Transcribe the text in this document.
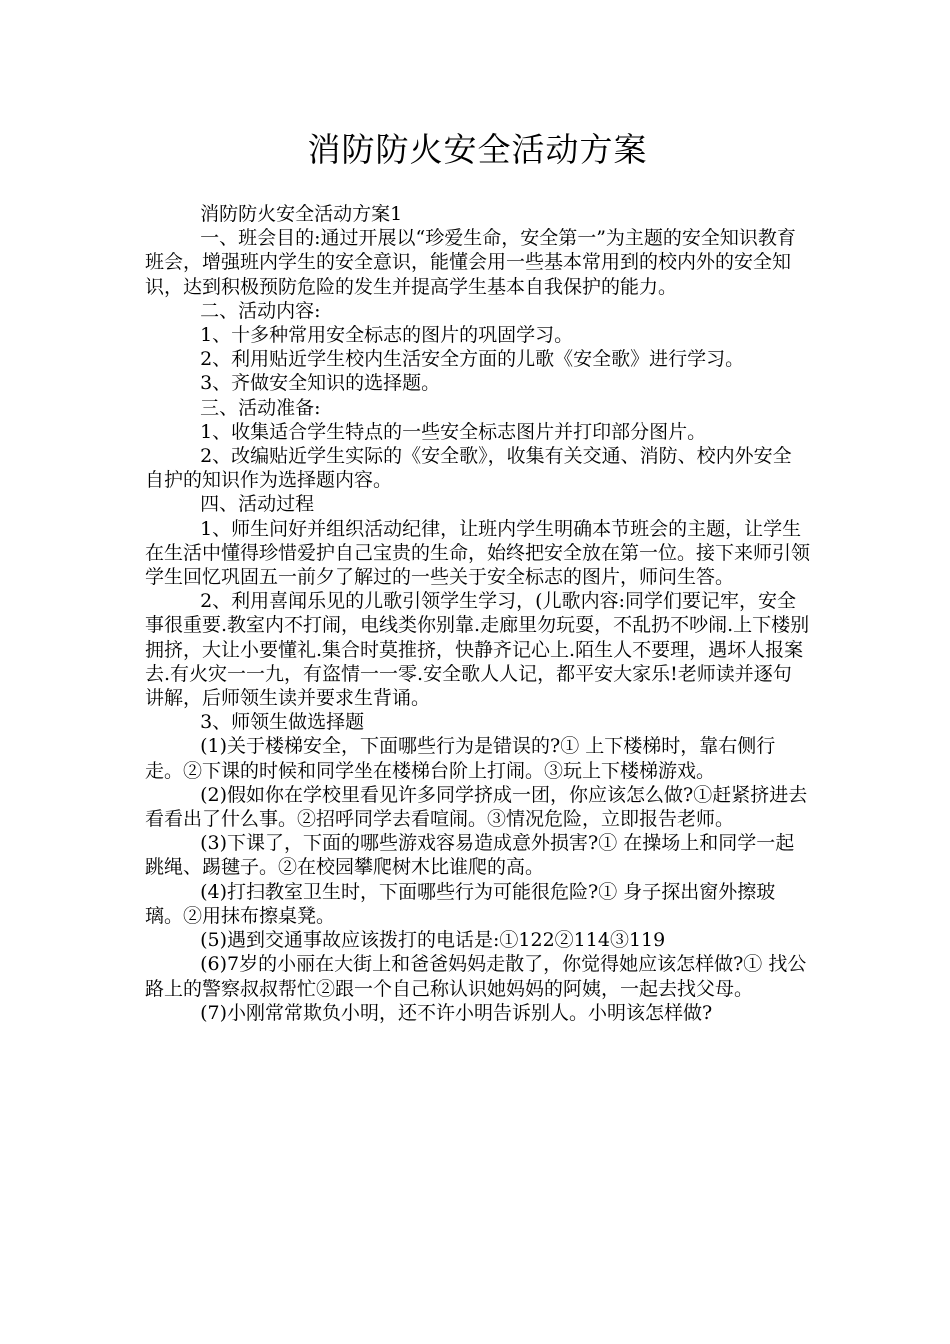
消防防火安全活动方案

消防防火安全活动方案1

一、班会目的:通过开展以“珍爱生命，安全第一”为主题的安全知识教育班会，增强班内学生的安全意识，能懂会用一些基本常用到的校内外的安全知识，达到积极预防危险的发生并提高学生基本自我保护的能力。

二、活动内容:

1、十多种常用安全标志的图片的巩固学习。

2、利用贴近学生校内生活安全方面的儿歌《安全歌》进行学习。

3、齐做安全知识的选择题。

三、活动准备:

1、收集适合学生特点的一些安全标志图片并打印部分图片。

2、改编贴近学生实际的《安全歌》，收集有关交通、消防、校内外安全自护的知识作为选择题内容。

四、活动过程

1、师生问好并组织活动纪律，让班内学生明确本节班会的主题，让学生在生活中懂得珍惜爱护自己宝贵的生命，始终把安全放在第一位。接下来师引领学生回忆巩固五一前夕了解过的一些关于安全标志的图片，师问生答。

2、利用喜闻乐见的儿歌引领学生学习，(儿歌内容:同学们要记牢，安全事很重要.教室内不打闹，电线类你别靠.走廊里勿玩耍，不乱扔不吵闹.上下楼别拥挤，大让小要懂礼.集合时莫推挤，快静齐记心上.陌生人不要理，遇坏人报案去.有火灾一一九，有盗情一一零.安全歌人人记，都平安大家乐!老师读并逐句讲解，后师领生读并要求生背诵。

3、师领生做选择题

(1)关于楼梯安全，下面哪些行为是错误的?① 上下楼梯时，靠右侧行走。②下课的时候和同学坐在楼梯台阶上打闹。③玩上下楼梯游戏。

(2)假如你在学校里看见许多同学挤成一团，你应该怎么做?①赶紧挤进去看看出了什么事。②招呼同学去看喧闹。③情况危险，立即报告老师。

(3)下课了，下面的哪些游戏容易造成意外损害?① 在操场上和同学一起跳绳、踢毽子。②在校园攀爬树木比谁爬的高。

(4)打扫教室卫生时，下面哪些行为可能很危险?① 身子探出窗外擦玻璃。②用抹布擦桌凳。

(5)遇到交通事故应该拨打的电话是:①122②114③119

(6)7岁的小丽在大街上和爸爸妈妈走散了，你觉得她应该怎样做?① 找公路上的警察叔叔帮忙②跟一个自己称认识她妈妈的阿姨，一起去找父母。

(7)小刚常常欺负小明，还不许小明告诉别人。小明该怎样做?
